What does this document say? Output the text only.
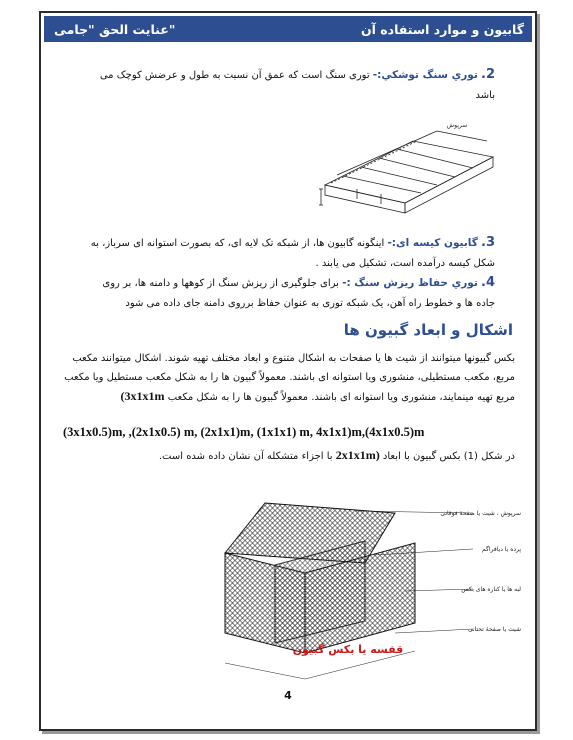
گابیون و موارد استفاده آن
عنایت الحق "جامی"
2. توري سنگ توشكي:- توری سنگ است که عمق آن نسبت به طول و عرضش کوچک می باشد
سرپوش
3. گابیون کیسه ای:- اینگونه گابیون ها، از شبکه تک لایه ای، که بصورت استوانه ای سرباز، به شکل کیسه درآمده است، تشکیل می یابند .
4. توري حفاظ ريزش سنگ :- برای جلوگیری از ریزش سنگ از کوهها و دامنه ها، بر روی جاده ها و خطوط راه آهن، یک شبکه توری به عنوان حفاظ برروی دامنه جای داده می شود
اشكال و ابعاد گبيون ها
بکس گبیونها میتوانند از شیت ها یا صفحات به اشکال متنوع و ابعاد مختلف تهیه شوند. اشکال میتوانند مکعب مربع، مکعب مستطیلی، منشوری ویا استوانه ای باشند. معمولاً گبیون ها را به شکل مکعب مستطیل ویا مکعب مربع تهیه مینمایند، منشوری ویا استوانه ای باشند. معمولاً گبیون ها را به شکل مکعب (3x1x1m
(3x1x0.5)m, ,(2x1x0.5) m, (2x1x1)m, (1x1x1) m, 4x1x1)m,(4x1x0.5)m
در شکل (1) بکس گبیون با ابعاد (2x1x1m با اجزاء متشکله آن نشان داده شده است.
سرپوش ، شیت یا صفحهٔ فوقانی
پرده یا دیافراگم
لبه ها یا کناره های بکس
شیت یا صفحهٔ تحتانی
قفسه يا بكس گبيون
4
